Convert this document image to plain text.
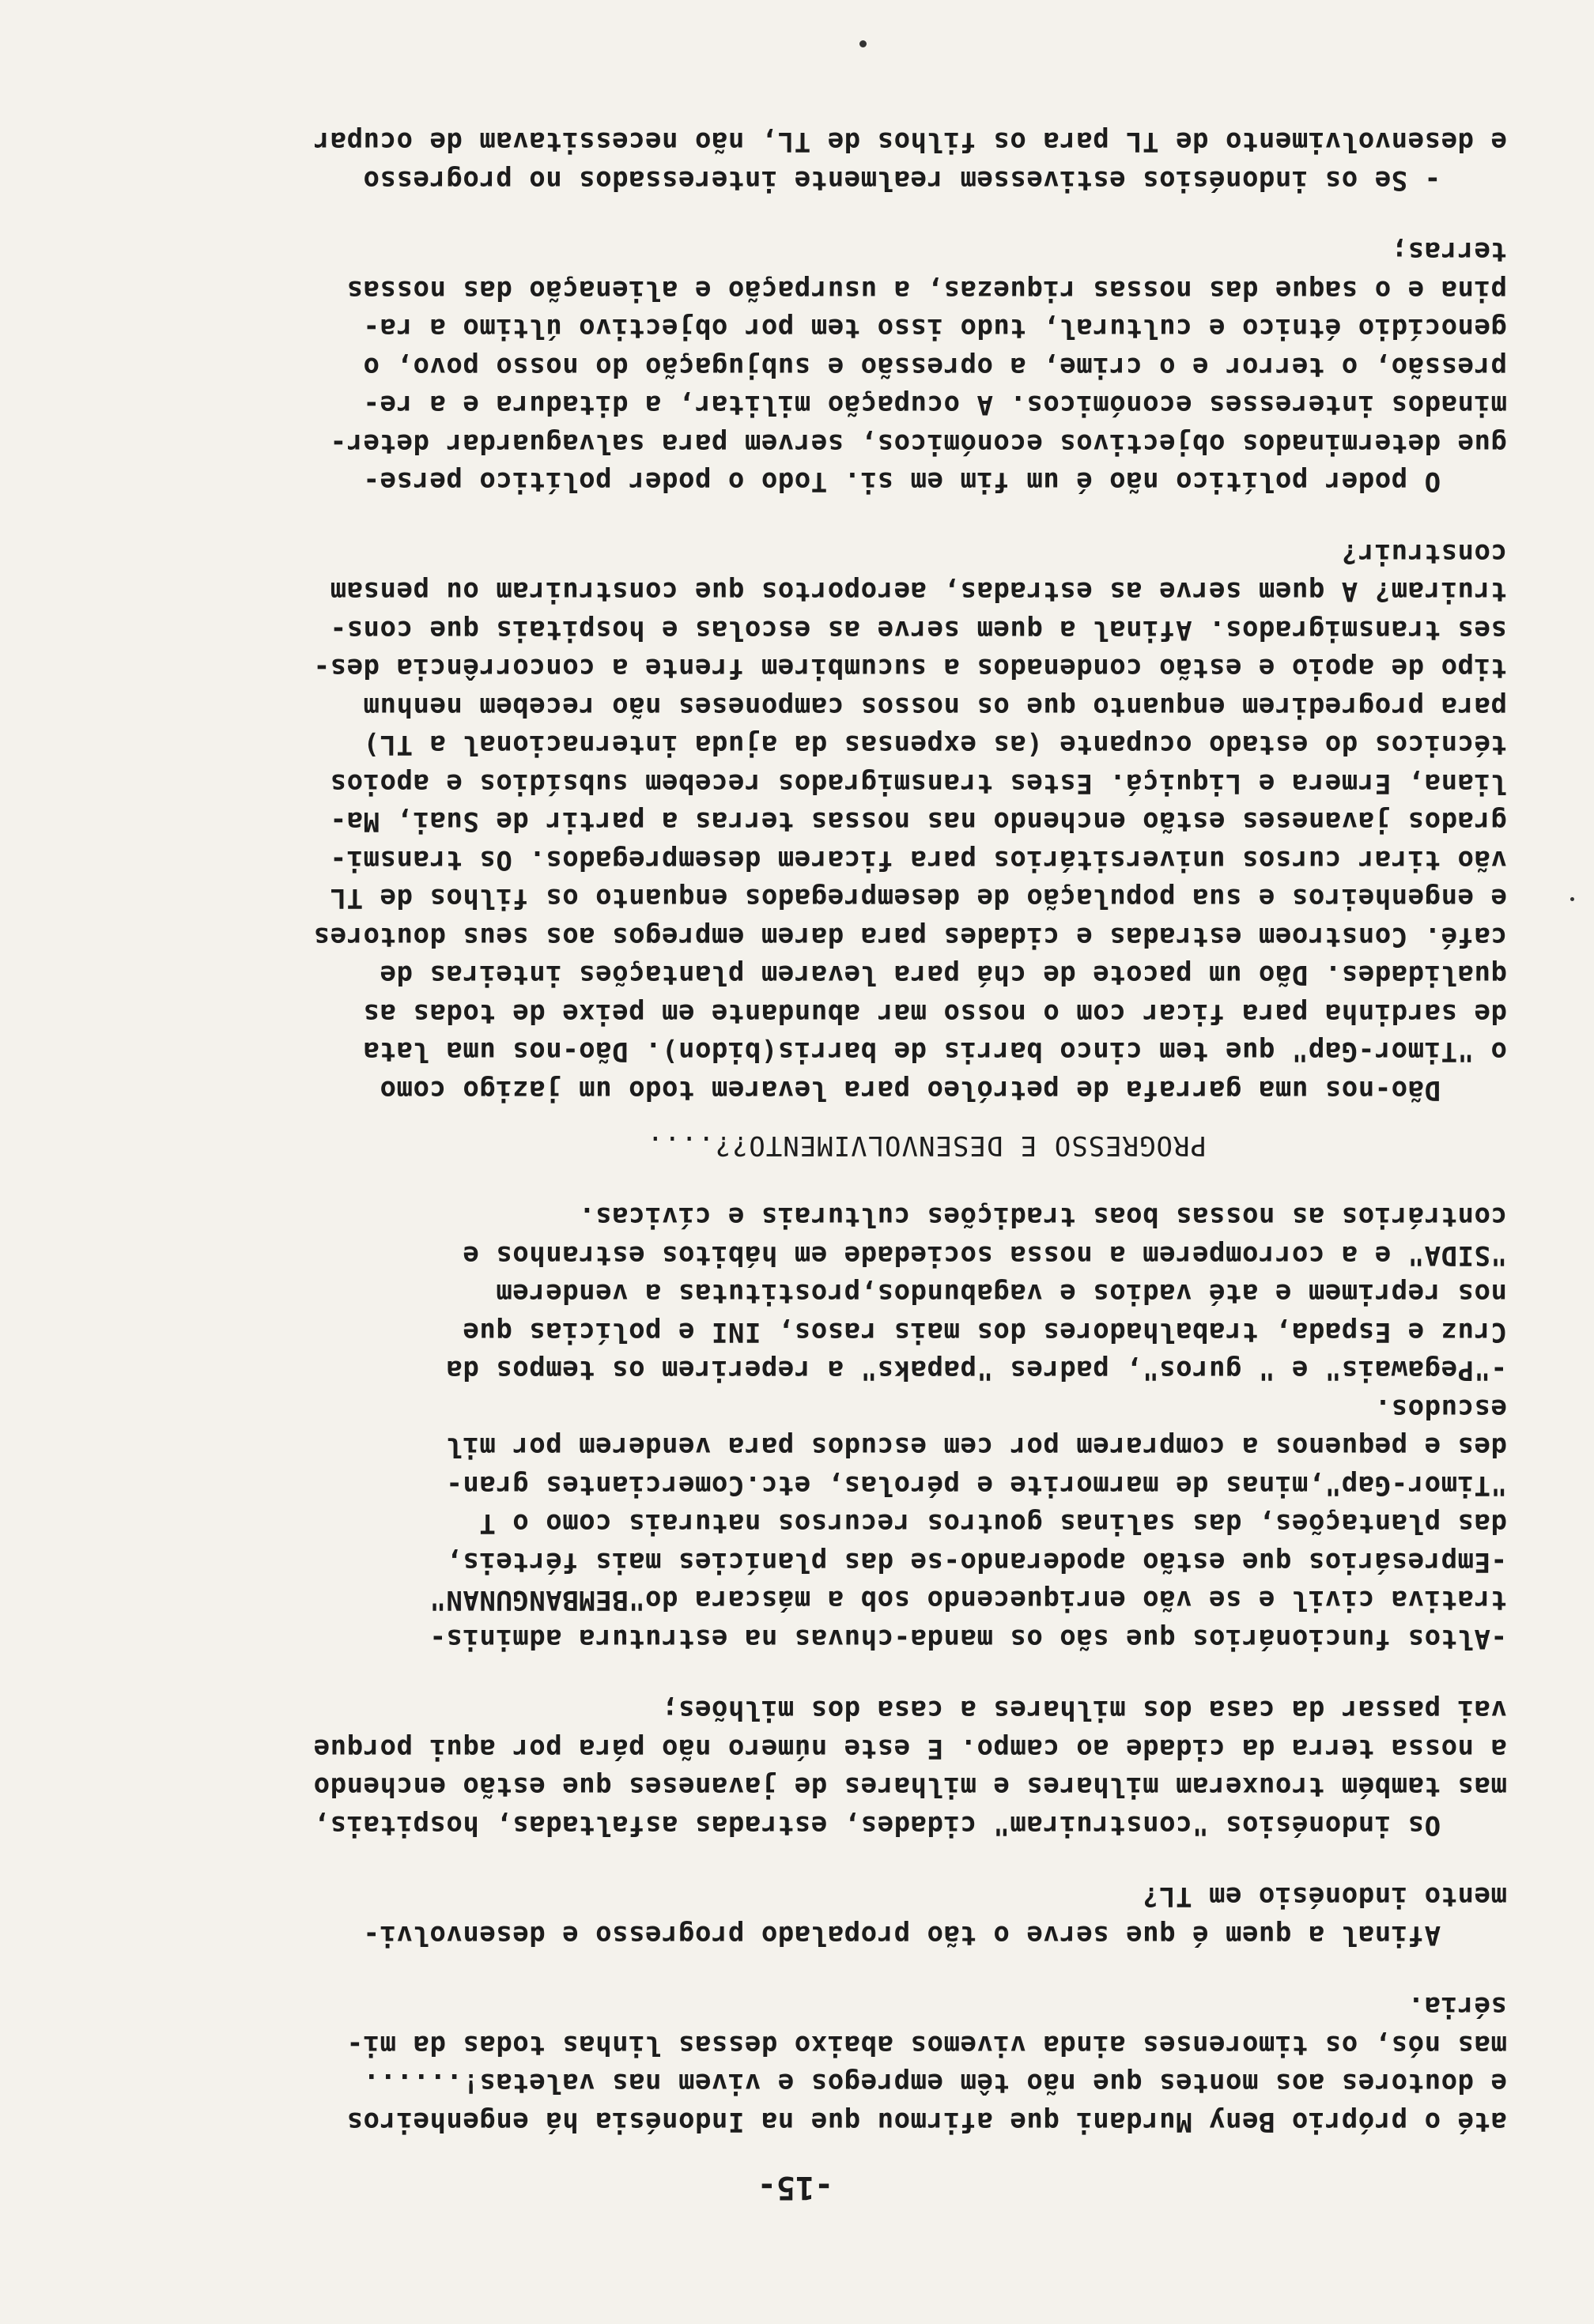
-15-

até o próprio Beny Murdani que afirmou que na Indonésia há engenheiros
e doutores aos montes que não têm empregos e vivem nas valetas!......
mas nós, os timorenses ainda vivemos abaixo dessas linhas todas da mi-
séria.

Afinal a quem é que serve o tão propalado progresso e desenvolvi-
mento indonésio em TL?

Os indonésios "construiram" cidades, estradas asfaltadas, hospitais,
mas também trouxeram milhares e milhares de javaneses que estão enchendo
a nossa terra da cidade ao campo. E este número não pára por aqui porque
vai passar da casa dos milhares a casa dos milhões;

-Altos funcionários que são os manda-chuvas na estrutura adminis-
trativa civil e se vão enriquecendo sob a máscara do"BEMBANGUNAN"
-Empresários que estão apoderando-se das planícies mais férteis,
das plantações, das salinas goutros recursos naturais como o T
"Timor-Gap",minas de marmorite e pérolas, etc.Comerciantes gran-
des e pequenos a comprarem por cem escudos para venderem por mil
escudos.
-"Pegawais" e " guros", padres "papaks" a reperirem os tempos da
Cruz e Espada, trabalhadores dos mais rasos, INI e polícias que
nos reprimem e até vadios e vagabundos,prostitutas a venderem
"SIDA" e a corromperem a nossa sociedade em hábitos estranhos e
contrários as nossas boas tradições culturais e cívicas.

PROGRESSO E DESENVOLVIMENTO??....

Dão-nos uma garrafa de petróleo para levarem todo um jazigo como
o "Timor-Gap" que tem cinco barris de barris(bidon). Dão-nos uma lata
de sardinha para ficar com o nosso mar abundante em peixe de todas as
qualidades. Dão um pacote de chá para levarem plantações inteiras de
café. Constroem estradas e cidades para darem empregos aos seus doutores
e engenheiros e sua população de desempregados enquanto os filhos de TL
vão tirar cursos universitários para ficarem desempregados. Os transmi-
grados javaneses estão enchendo nas nossas terras a partir de Suai, Ma-
liana, Ermera e Liquiçá. Estes transmigrados recebem subsídios e apoios
técnicos do estado ocupante (as expensas da ajuda internacional a TL)
para progredirem enquanto que os nossos camponeses não recebem nenhum
tipo de apoio e estão condenados a sucumbirem frente a concorrência des-
ses transmigrados. Afinal a quem serve as escolas e hospitais que cons-
truiram? A quem serve as estradas, aeroportos que construiram ou pensam
construir?

O poder político não é um fim em si. Todo o poder político perse-
gue determinados objectivos económicos, servem para salvaguardar deter-
minados interesses económicos. A ocupação militar, a ditadura e a re-
pressão, o terror e o crime, a opressão e subjugação do nosso povo, o
genocídio étnico e cultural, tudo isso tem por objectivo último a ra-
pina e o saque das nossas riquezas, a usurpação e alienação das nossas
terras;

- Se os indonésios estivessem realmente interessados no progresso
e desenvolvimento de TL para os filhos de TL, não necessitavam de ocupar
